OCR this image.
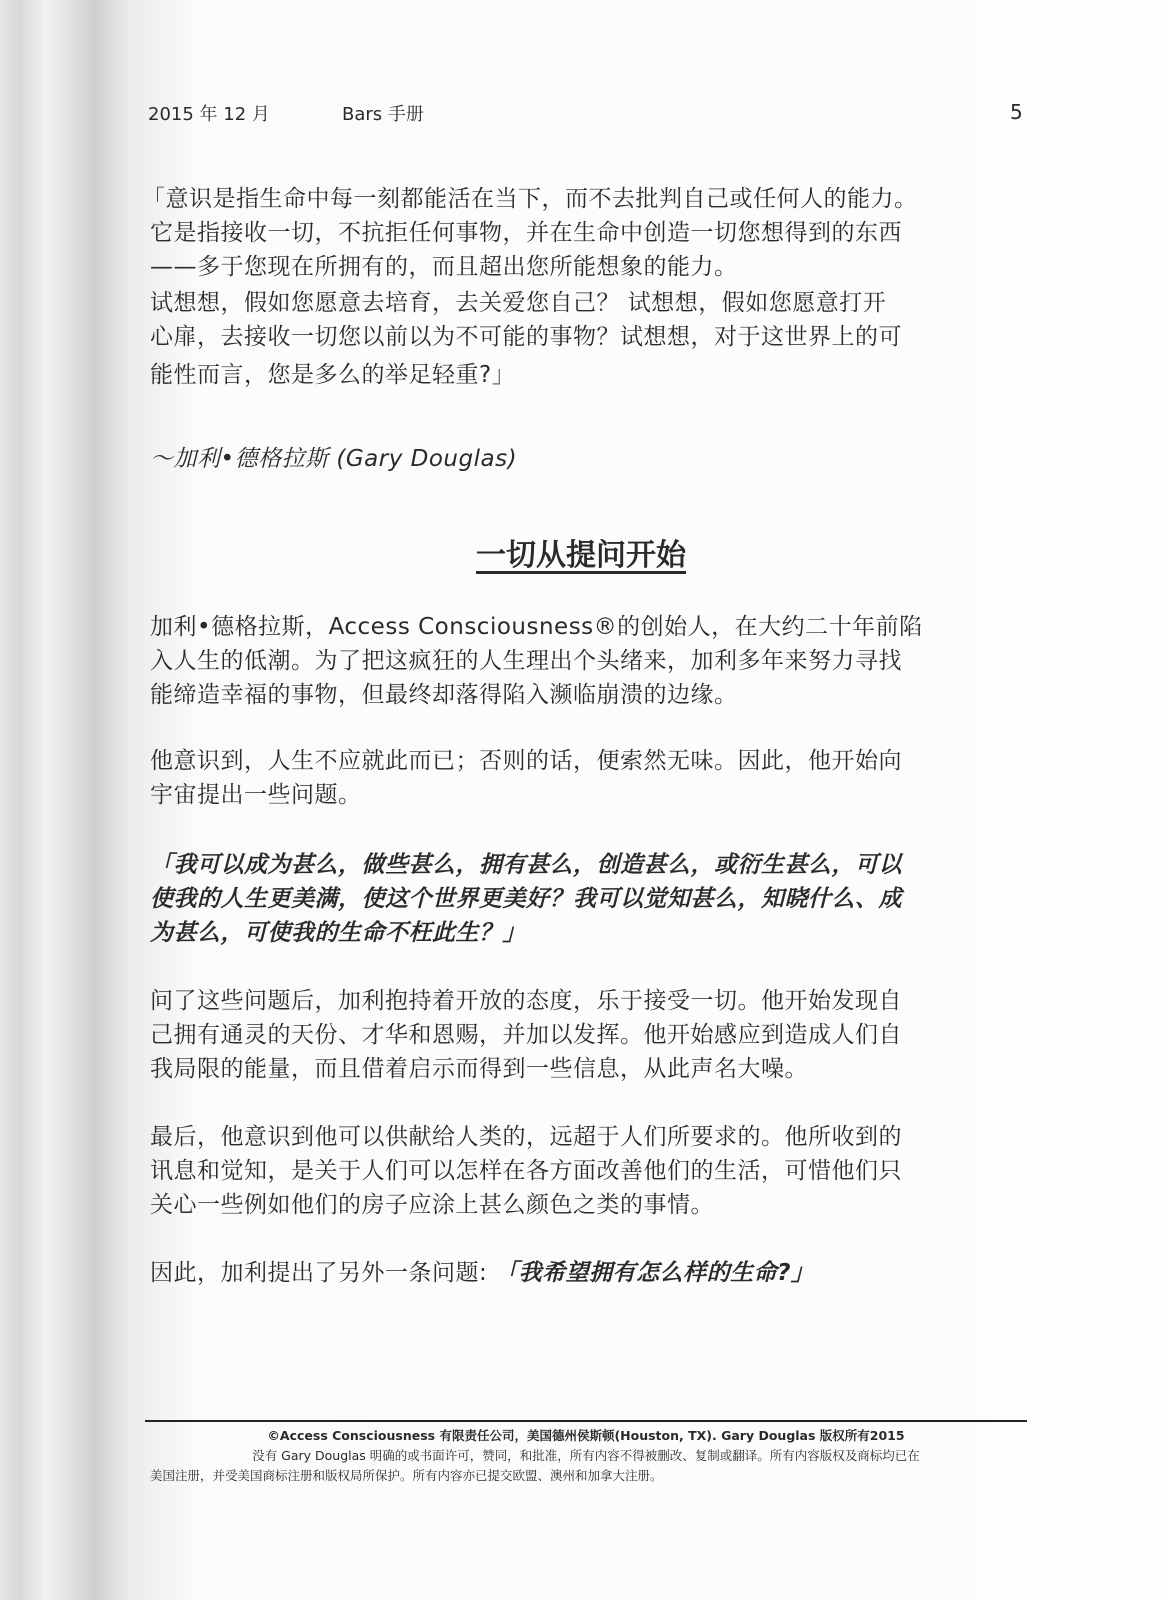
2015 年 12 月	Bars 手册	5
「意识是指生命中每一刻都能活在当下，而不去批判自己或任何人的能力。
它是指接收一切，不抗拒任何事物，并在生命中创造一切您想得到的东西
——多于您现在所拥有的，而且超出您所能想象的能力。
试想想，假如您愿意去培育，去关爱您自己？ 试想想，假如您愿意打开
心扉，去接收一切您以前以为不可能的事物？试想想，对于这世界上的可
能性而言，您是多么的举足轻重?」
～加利•德格拉斯 (Gary Douglas)
一切从提问开始
加利•德格拉斯，Access Consciousness®的创始人，在大约二十年前陷
入人生的低潮。为了把这疯狂的人生理出个头绪来，加利多年来努力寻找
能缔造幸福的事物，但最终却落得陷入濒临崩溃的边缘。
他意识到，人生不应就此而已；否则的话，便索然无味。因此，他开始向
宇宙提出一些问题。
「我可以成为甚么，做些甚么，拥有甚么，创造甚么，或衍生甚么，可以
使我的人生更美满，使这个世界更美好？我可以觉知甚么，知晓什么、成
为甚么，可使我的生命不枉此生？」
问了这些问题后，加利抱持着开放的态度，乐于接受一切。他开始发现自
己拥有通灵的天份、才华和恩赐，并加以发挥。他开始感应到造成人们自
我局限的能量，而且借着启示而得到一些信息，从此声名大噪。
最后，他意识到他可以供献给人类的，远超于人们所要求的。他所收到的
讯息和觉知，是关于人们可以怎样在各方面改善他们的生活，可惜他们只
关心一些例如他们的房子应涂上甚么颜色之类的事情。
因此，加利提出了另外一条问题: 「我希望拥有怎么样的生命?」
©Access Consciousness 有限责任公司，美国德州侯斯顿(Houston, TX). Gary Douglas 版权所有2015
没有 Gary Douglas 明确的或书面许可，赞同，和批准，所有内容不得被删改、复制或翻译。所有内容版权及商标均已在
美国注册，并受美国商标注册和版权局所保护。所有内容亦已提交欧盟、澳州和加拿大注册。
